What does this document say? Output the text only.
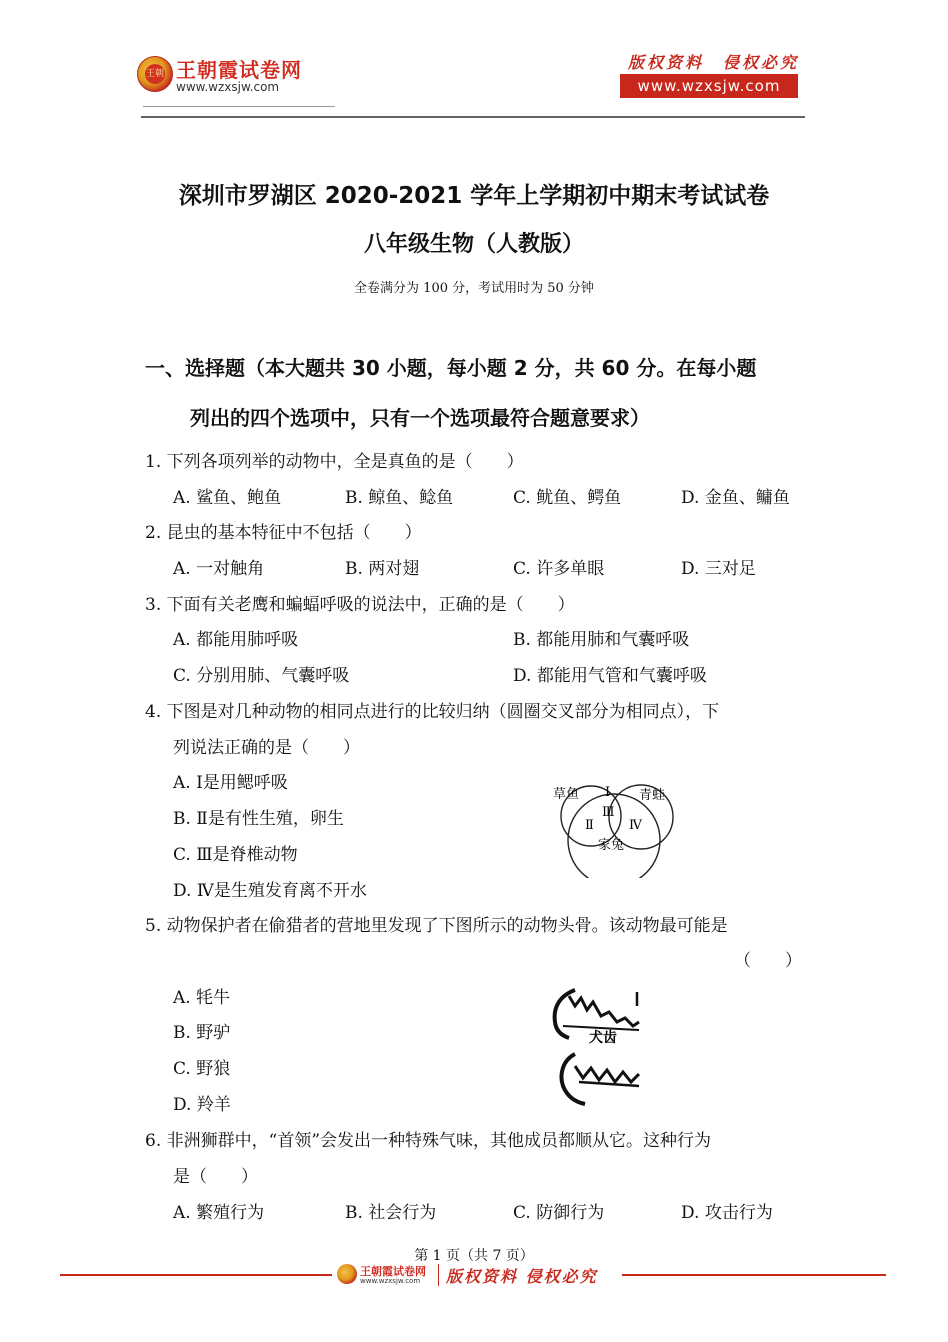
王朝 王朝霞试卷网
www.wzxsjw.com
版权资料　侵权必究
www.wzxsjw.com
深圳市罗湖区 2020-2021 学年上学期初中期末考试试卷
八年级生物（人教版）
全卷满分为 100 分，考试用时为 50 分钟
一、选择题（本大题共 30 小题，每小题 2 分，共 60 分。在每小题
列出的四个选项中，只有一个选项最符合题意要求）
1. 下列各项列举的动物中，全是真鱼的是（　　）
A. 鲨鱼、鲍鱼	B. 鲸鱼、鲶鱼	C. 鱿鱼、鳄鱼	D. 金鱼、鳙鱼
2. 昆虫的基本特征中不包括（　　）
A. 一对触角	B. 两对翅	C. 许多单眼	D. 三对足
3. 下面有关老鹰和蝙蝠呼吸的说法中，正确的是（　　）
A. 都能用肺呼吸	B. 都能用肺和气囊呼吸
C. 分别用肺、气囊呼吸	D. 都能用气管和气囊呼吸
4. 下图是对几种动物的相同点进行的比较归纳（圆圈交叉部分为相同点），下
列说法正确的是（　　）
A. Ⅰ是用鳃呼吸
B. Ⅱ是有性生殖，卵生
C. Ⅲ是脊椎动物
D. Ⅳ是生殖发育离不开水
草鱼	青蛙
家兔
Ⅰ
Ⅱ
Ⅲ
Ⅳ
5. 动物保护者在偷猎者的营地里发现了下图所示的动物头骨。该动物最可能是
（　　）
A. 牦牛
B. 野驴
C. 野狼
D. 羚羊
犬齿
6. 非洲狮群中，“首领”会发出一种特殊气味，其他成员都顺从它。这种行为
是（　　）
A. 繁殖行为	B. 社会行为	C. 防御行为	D. 攻击行为
第 1 页（共 7 页）
王朝霞试卷网
www.wzxsjw.com 版权资料 侵权必究
